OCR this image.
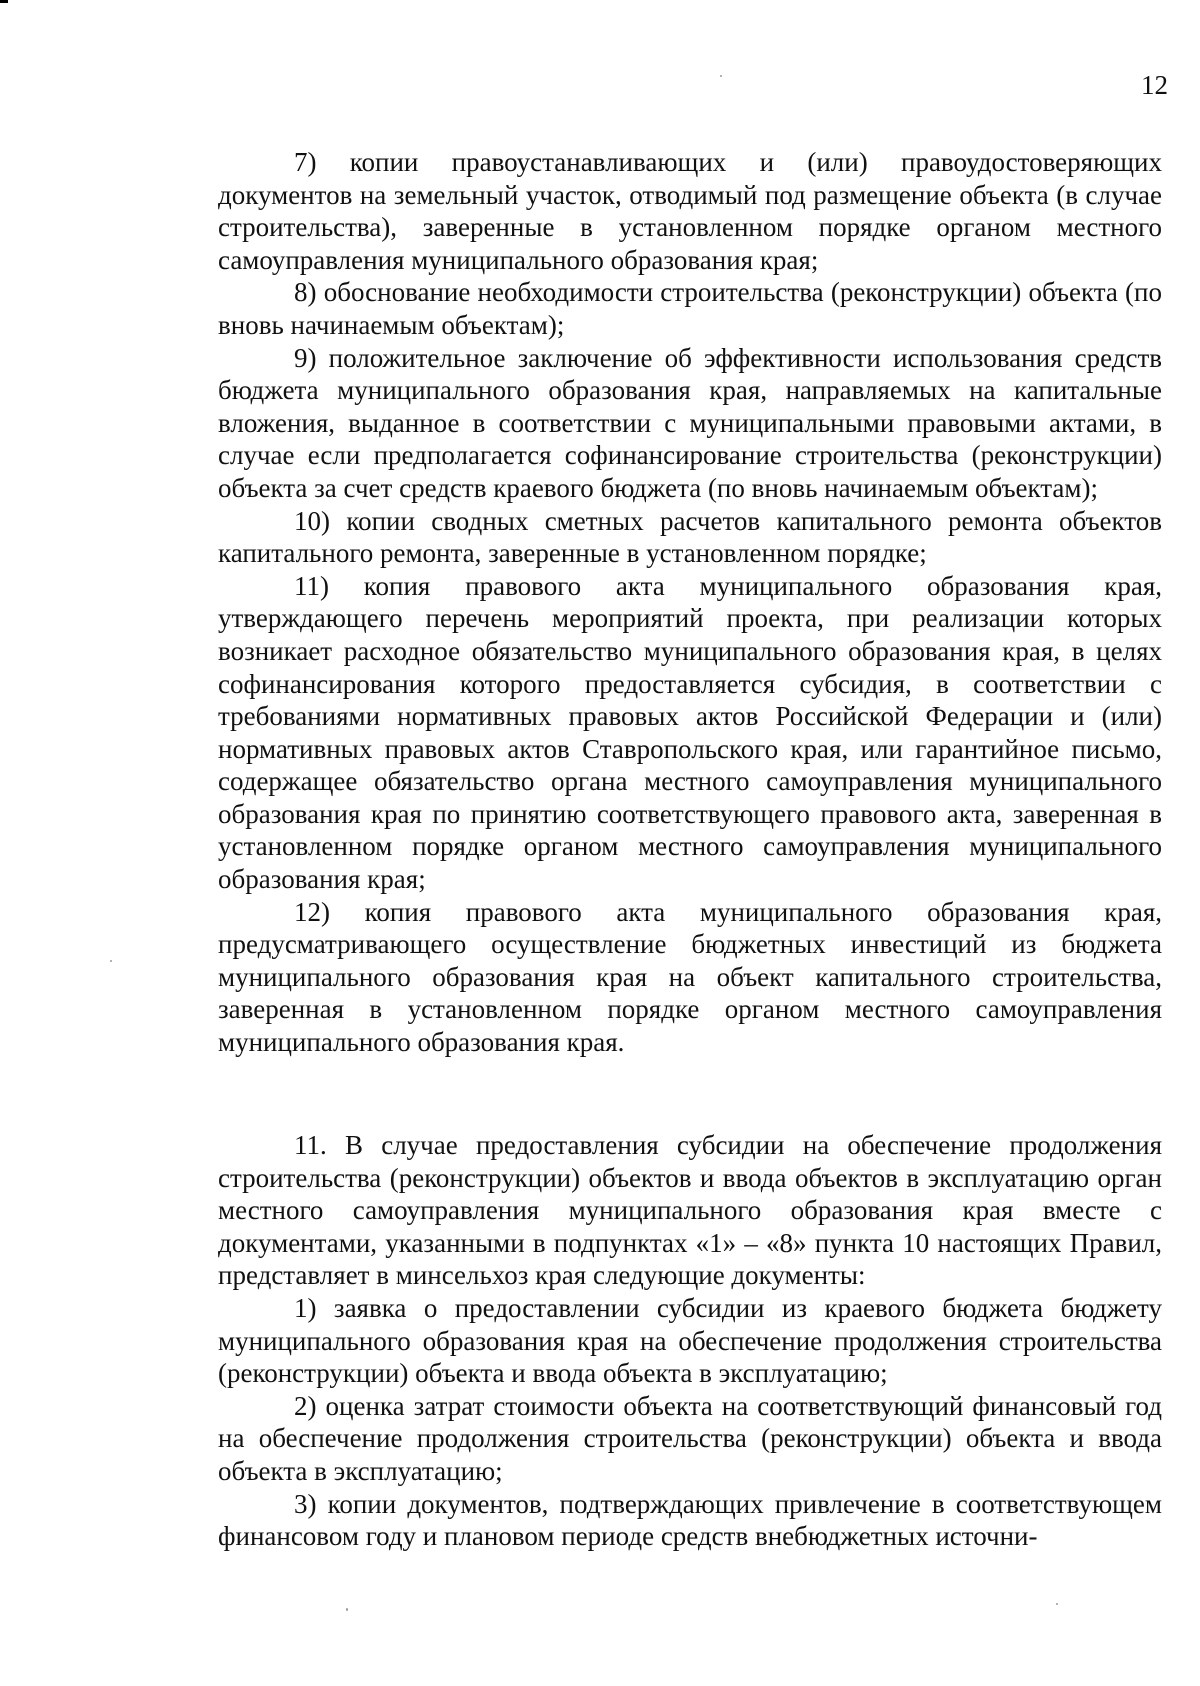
12

7) копии правоустанавливающих и (или) правоудостоверяющих документов на земельный участок, отводимый под размещение объекта (в случае строительства), заверенные в установленном порядке органом местного самоуправления муниципального образования края;

8) обоснование необходимости строительства (реконструкции) объекта (по вновь начинаемым объектам);

9) положительное заключение об эффективности использования средств бюджета муниципального образования края, направляемых на капитальные вложения, выданное в соответствии с муниципальными правовыми актами, в случае если предполагается софинансирование строительства (реконструкции) объекта за счет средств краевого бюджета (по вновь начинаемым объектам);

10) копии сводных сметных расчетов капитального ремонта объектов капитального ремонта, заверенные в установленном порядке;

11) копия правового акта муниципального образования края, утверждающего перечень мероприятий проекта, при реализации которых возникает расходное обязательство муниципального образования края, в целях софинансирования которого предоставляется субсидия, в соответствии с требованиями нормативных правовых актов Российской Федерации и (или) нормативных правовых актов Ставропольского края, или гарантийное письмо, содержащее обязательство органа местного самоуправления муниципального образования края по принятию соответствующего правового акта, заверенная в установленном порядке органом местного самоуправления муниципального образования края;

12) копия правового акта муниципального образования края, предусматривающего осуществление бюджетных инвестиций из бюджета муниципального образования края на объект капитального строительства, заверенная в установленном порядке органом местного самоуправления муниципального образования края.

11. В случае предоставления субсидии на обеспечение продолжения строительства (реконструкции) объектов и ввода объектов в эксплуатацию орган местного самоуправления муниципального образования края вместе с документами, указанными в подпунктах «1» – «8» пункта 10 настоящих Правил, представляет в минсельхоз края следующие документы:

1) заявка о предоставлении субсидии из краевого бюджета бюджету муниципального образования края на обеспечение продолжения строительства (реконструкции) объекта и ввода объекта в эксплуатацию;

2) оценка затрат стоимости объекта на соответствующий финансовый год на обеспечение продолжения строительства (реконструкции) объекта и ввода объекта в эксплуатацию;

3) копии документов, подтверждающих привлечение в соответствующем финансовом году и плановом периоде средств внебюджетных источни-
